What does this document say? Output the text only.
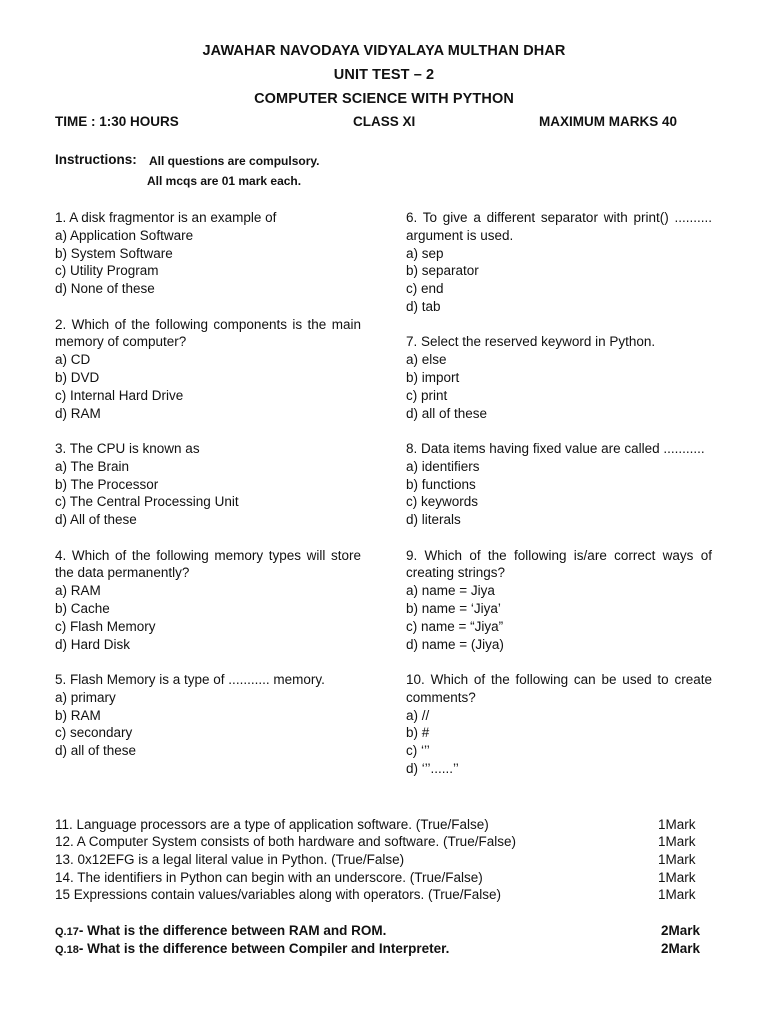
JAWAHAR NAVODAYA VIDYALAYA MULTHAN DHAR
UNIT TEST – 2
COMPUTER SCIENCE WITH PYTHON
TIME : 1:30 HOURS	CLASS XI	MAXIMUM MARKS 40
Instructions: All questions are compulsory.
All mcqs are 01 mark each.
1. A disk fragmentor is an example of
a) Application Software
b) System Software
c) Utility Program
d) None of these
2. Which of the following components is the main memory of computer?
a) CD
b) DVD
c) Internal Hard Drive
d) RAM
3. The CPU is known as
a) The Brain
b) The Processor
c) The Central Processing Unit
d) All of these
4. Which of the following memory types will store the data permanently?
a) RAM
b) Cache
c) Flash Memory
d) Hard Disk
5. Flash Memory is a type of ........... memory.
a) primary
b) RAM
c) secondary
d) all of these
6. To give a different separator with print() .......... argument is used.
a) sep
b) separator
c) end
d) tab
7. Select the reserved keyword in Python.
a) else
b) import
c) print
d) all of these
8. Data items having fixed value are called ...........
a) identifiers
b) functions
c) keywords
d) literals
9. Which of the following is/are correct ways of creating strings?
a) name = Jiya
b) name = ‘Jiya’
c) name = “Jiya”
d) name = (Jiya)
10. Which of the following can be used to create comments?
a) //
b) #
c) ‘’’
d) ‘’’......’’
11. Language processors are a type of application software. (True/False)	1Mark
12. A Computer System consists of both hardware and software. (True/False)	1Mark
13. 0x12EFG is a legal literal value in Python. (True/False)	1Mark
14. The identifiers in Python can begin with an underscore. (True/False)	1Mark
15 Expressions contain values/variables along with operators. (True/False)	1Mark
Q.17- What is the difference between RAM and ROM.	2Mark
Q.18- What is the difference between Compiler and Interpreter.	2Mark
